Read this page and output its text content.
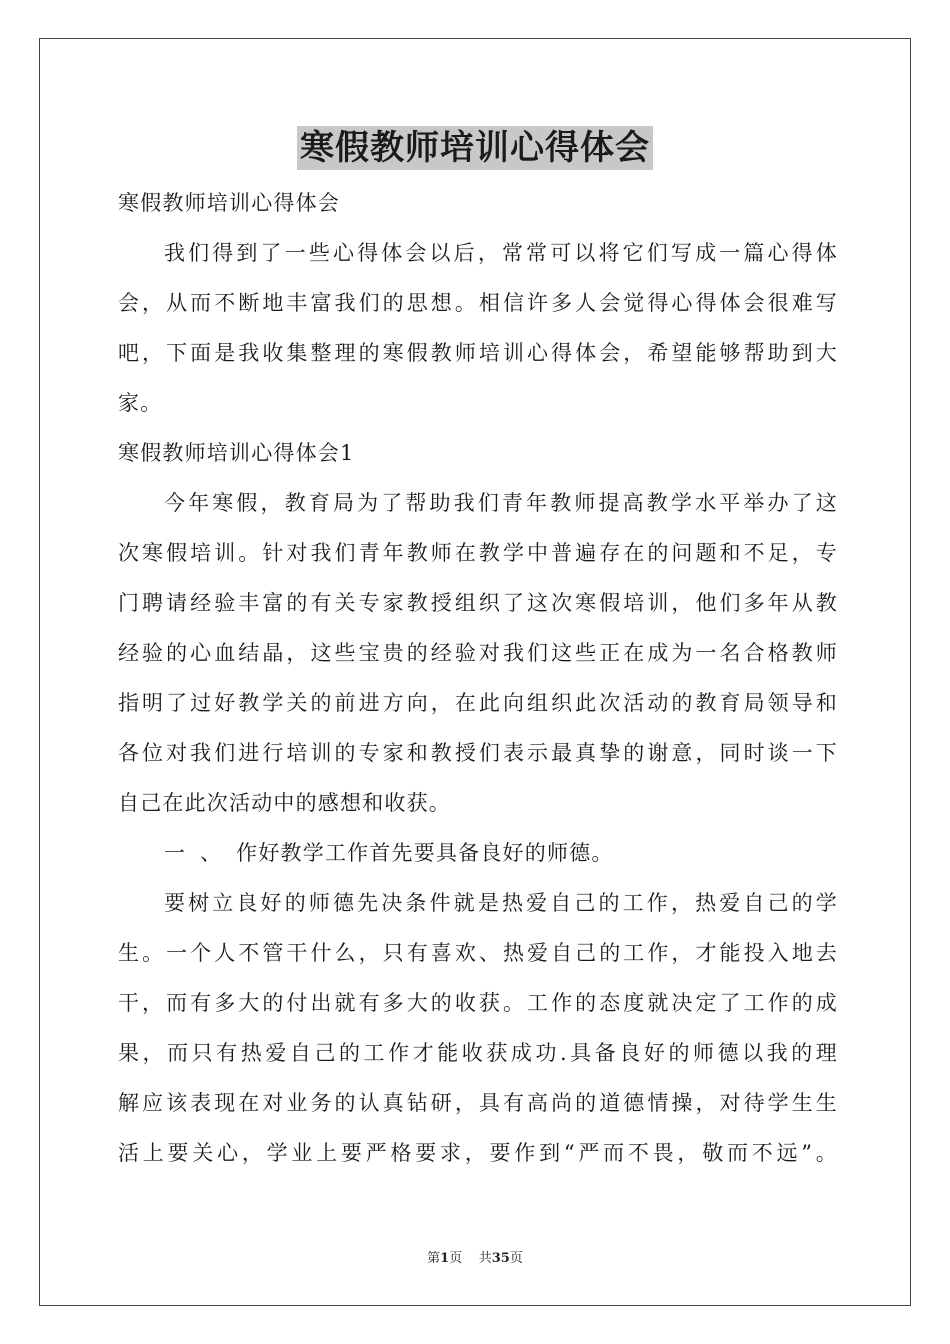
寒假教师培训心得体会
寒假教师培训心得体会
我们得到了一些心得体会以后，常常可以将它们写成一篇心得体
会，从而不断地丰富我们的思想。相信许多人会觉得心得体会很难写
吧，下面是我收集整理的寒假教师培训心得体会，希望能够帮助到大
家。
寒假教师培训心得体会1
今年寒假，教育局为了帮助我们青年教师提高教学水平举办了这
次寒假培训。针对我们青年教师在教学中普遍存在的问题和不足，专
门聘请经验丰富的有关专家教授组织了这次寒假培训，他们多年从教
经验的心血结晶，这些宝贵的经验对我们这些正在成为一名合格教师
指明了过好教学关的前进方向，在此向组织此次活动的教育局领导和
各位对我们进行培训的专家和教授们表示最真挚的谢意，同时谈一下
自己在此次活动中的感想和收获。
一 、 作好教学工作首先要具备良好的师德。
要树立良好的师德先决条件就是热爱自己的工作，热爱自己的学
生。一个人不管干什么，只有喜欢、热爱自己的工作，才能投入地去
干，而有多大的付出就有多大的收获。工作的态度就决定了工作的成
果，而只有热爱自己的工作才能收获成功.具备良好的师德以我的理
解应该表现在对业务的认真钻研，具有高尚的道德情操，对待学生生
活上要关心，学业上要严格要求，要作到“严而不畏，敬而不远”。
第1页 共35页
